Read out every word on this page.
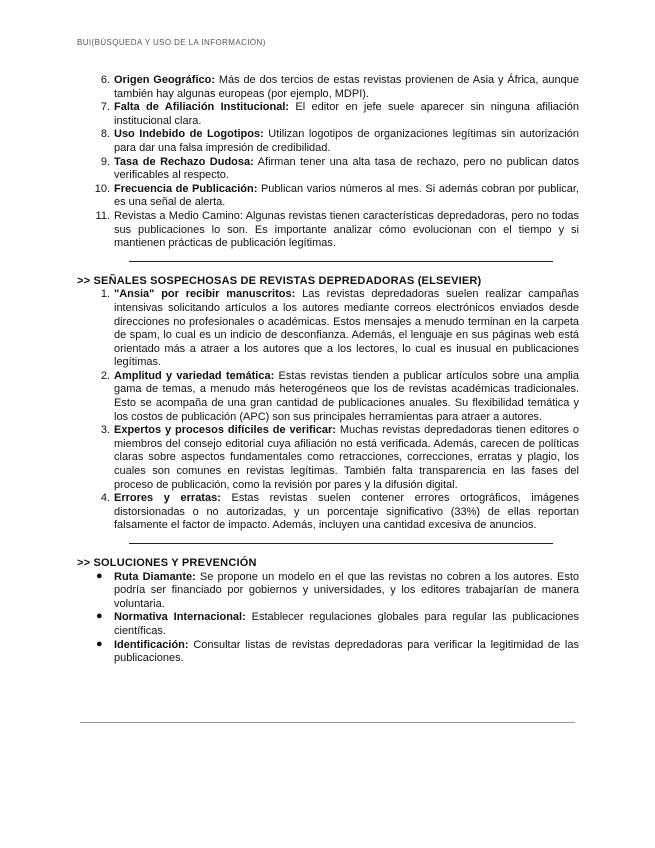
BUI(BÚSQUEDA Y USO DE LA INFORMACIÓN)
6. Origen Geográfico: Más de dos tercios de estas revistas provienen de Asia y África, aunque también hay algunas europeas (por ejemplo, MDPI).
7. Falta de Afiliación Institucional: El editor en jefe suele aparecer sin ninguna afiliación institucional clara.
8. Uso Indebido de Logotipos: Utilizan logotipos de organizaciones legítimas sin autorización para dar una falsa impresión de credibilidad.
9. Tasa de Rechazo Dudosa: Afirman tener una alta tasa de rechazo, pero no publican datos verificables al respecto.
10. Frecuencia de Publicación: Publican varios números al mes. Si además cobran por publicar, es una señal de alerta.
11. Revistas a Medio Camino: Algunas revistas tienen características depredadoras, pero no todas sus publicaciones lo son. Es importante analizar cómo evolucionan con el tiempo y si mantienen prácticas de publicación legítimas.
>> SEÑALES SOSPECHOSAS DE REVISTAS DEPREDADORAS (ELSEVIER)
1. "Ansia" por recibir manuscritos: Las revistas depredadoras suelen realizar campañas intensivas solicitando artículos a los autores mediante correos electrónicos enviados desde direcciones no profesionales o académicas. Estos mensajes a menudo terminan en la carpeta de spam, lo cual es un indicio de desconfianza. Además, el lenguaje en sus páginas web está orientado más a atraer a los autores que a los lectores, lo cual es inusual en publicaciones legítimas.
2. Amplitud y variedad temática: Estas revistas tienden a publicar artículos sobre una amplia gama de temas, a menudo más heterogéneos que los de revistas académicas tradicionales. Esto se acompaña de una gran cantidad de publicaciones anuales. Su flexibilidad temática y los costos de publicación (APC) son sus principales herramientas para atraer a autores.
3. Expertos y procesos difíciles de verificar: Muchas revistas depredadoras tienen editores o miembros del consejo editorial cuya afiliación no está verificada. Además, carecen de políticas claras sobre aspectos fundamentales como retracciones, correcciones, erratas y plagio, los cuales son comunes en revistas legítimas. También falta transparencia en las fases del proceso de publicación, como la revisión por pares y la difusión digital.
4. Errores y erratas: Estas revistas suelen contener errores ortográficos, imágenes distorsionadas o no autorizadas, y un porcentaje significativo (33%) de ellas reportan falsamente el factor de impacto. Además, incluyen una cantidad excesiva de anuncios.
>> SOLUCIONES Y PREVENCIÓN
● Ruta Diamante: Se propone un modelo en el que las revistas no cobren a los autores. Esto podría ser financiado por gobiernos y universidades, y los editores trabajarían de manera voluntaria.
● Normativa Internacional: Establecer regulaciones globales para regular las publicaciones científicas.
● Identificación: Consultar listas de revistas depredadoras para verificar la legitimidad de las publicaciones.
